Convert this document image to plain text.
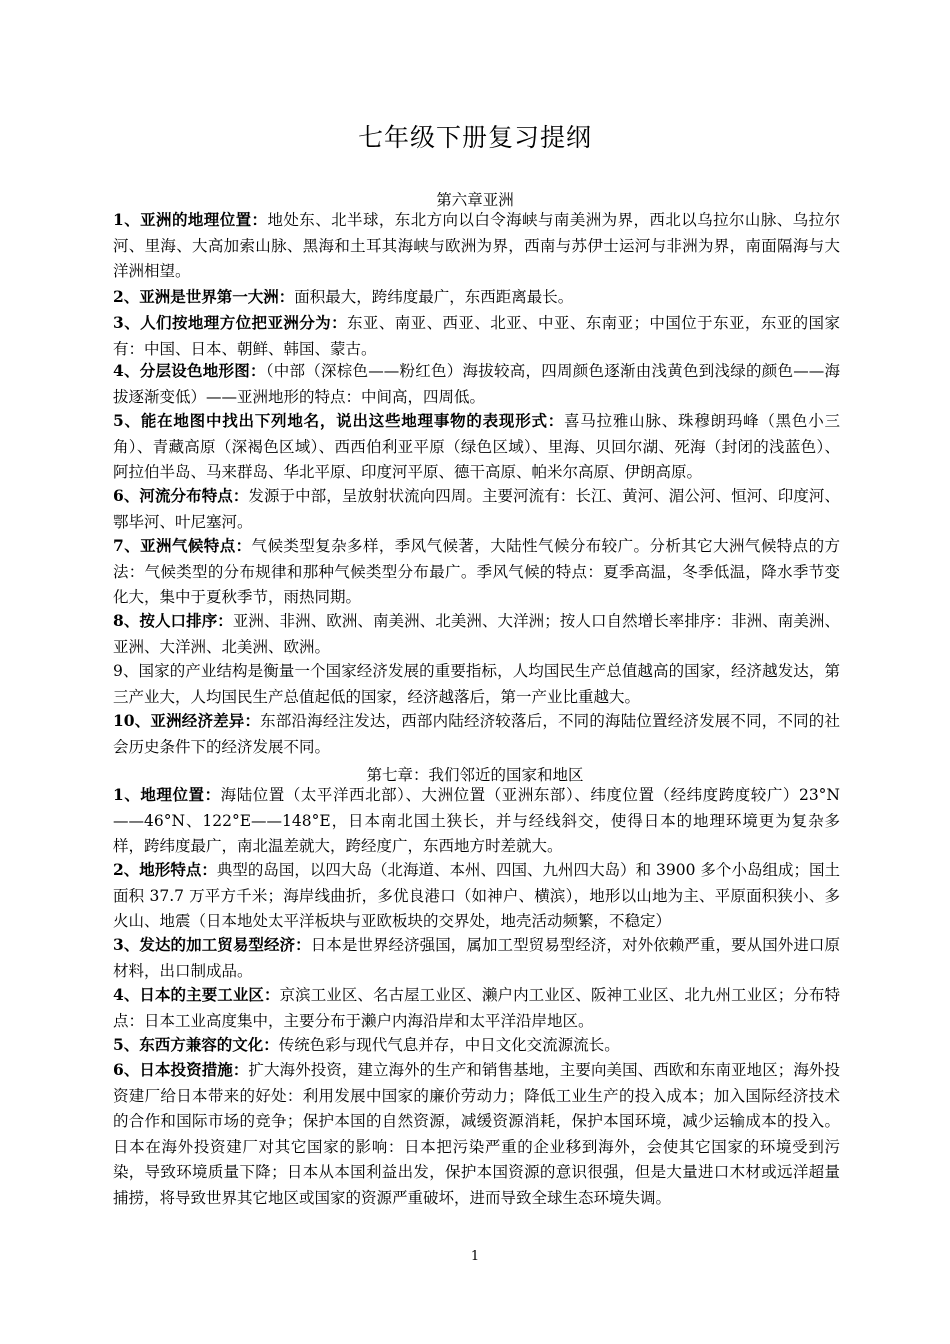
七年级下册复习提纲
第六章亚洲

1、亚洲的地理位置：地处东、北半球，东北方向以白令海峡与南美洲为界，西北以乌拉尔山脉、乌拉尔河、里海、大高加索山脉、黑海和土耳其海峡与欧洲为界，西南与苏伊士运河与非洲为界，南面隔海与大洋洲相望。

2、亚洲是世界第一大洲：面积最大，跨纬度最广，东西距离最长。

3、人们按地理方位把亚洲分为：东亚、南亚、西亚、北亚、中亚、东南亚；中国位于东亚，东亚的国家有：中国、日本、朝鲜、韩国、蒙古。

4、分层设色地形图：（中部（深棕色——粉红色）海拔较高，四周颜色逐渐由浅黄色到浅绿的颜色——海拔逐渐变低）——亚洲地形的特点：中间高，四周低。

5、能在地图中找出下列地名，说出这些地理事物的表现形式：喜马拉雅山脉、珠穆朗玛峰（黑色小三角）、青藏高原（深褐色区域）、西西伯利亚平原（绿色区域）、里海、贝回尔湖、死海（封闭的浅蓝色）、阿拉伯半岛、马来群岛、华北平原、印度河平原、德干高原、帕米尔高原、伊朗高原。

6、河流分布特点：发源于中部，呈放射状流向四周。主要河流有：长江、黄河、湄公河、恒河、印度河、鄂毕河、叶尼塞河。

7、亚洲气候特点：气候类型复杂多样，季风气候著，大陆性气候分布较广。分析其它大洲气候特点的方法：气候类型的分布规律和那种气候类型分布最广。季风气候的特点：夏季高温，冬季低温，降水季节变化大，集中于夏秋季节，雨热同期。

8、按人口排序：亚洲、非洲、欧洲、南美洲、北美洲、大洋洲；按人口自然增长率排序：非洲、南美洲、亚洲、大洋洲、北美洲、欧洲。

9、国家的产业结构是衡量一个国家经济发展的重要指标，人均国民生产总值越高的国家，经济越发达，第三产业大，人均国民生产总值起低的国家，经济越落后，第一产业比重越大。

10、亚洲经济差异：东部沿海经注发达，西部内陆经济较落后，不同的海陆位置经济发展不同，不同的社会历史条件下的经济发展不同。

第七章：我们邻近的国家和地区

1、地理位置：海陆位置（太平洋西北部）、大洲位置（亚洲东部）、纬度位置（经纬度跨度较广）23°N——46°N、122°E——148°E，日本南北国土狭长，并与经线斜交，使得日本的地理环境更为复杂多样，跨纬度最广，南北温差就大，跨经度广，东西地方时差就大。

2、地形特点：典型的岛国，以四大岛（北海道、本州、四国、九州四大岛）和 3900 多个小岛组成；国土面积 37.7 万平方千米；海岸线曲折，多优良港口（如神户、横滨），地形以山地为主、平原面积狭小、多火山、地震（日本地处太平洋板块与亚欧板块的交界处，地壳活动频繁，不稳定）

3、发达的加工贸易型经济：日本是世界经济强国，属加工型贸易型经济，对外依赖严重，要从国外进口原材料，出口制成品。

4、日本的主要工业区：京滨工业区、名古屋工业区、濑户内工业区、阪神工业区、北九州工业区；分布特点：日本工业高度集中，主要分布于濑户内海沿岸和太平洋沿岸地区。

5、东西方兼容的文化：传统色彩与现代气息并存，中日文化交流源流长。

6、日本投资措施：扩大海外投资，建立海外的生产和销售基地，主要向美国、西欧和东南亚地区；海外投资建厂给日本带来的好处：利用发展中国家的廉价劳动力；降低工业生产的投入成本；加入国际经济技术的合作和国际市场的竞争；保护本国的自然资源，减缓资源消耗，保护本国环境，减少运输成本的投入。 日本在海外投资建厂对其它国家的影响：日本把污染严重的企业移到海外，会使其它国家的环境受到污染，导致环境质量下降；日本从本国利益出发，保护本国资源的意识很强，但是大量进口木材或远洋超量捕捞，将导致世界其它地区或国家的资源严重破坏，进而导致全球生态环境失调。

1
